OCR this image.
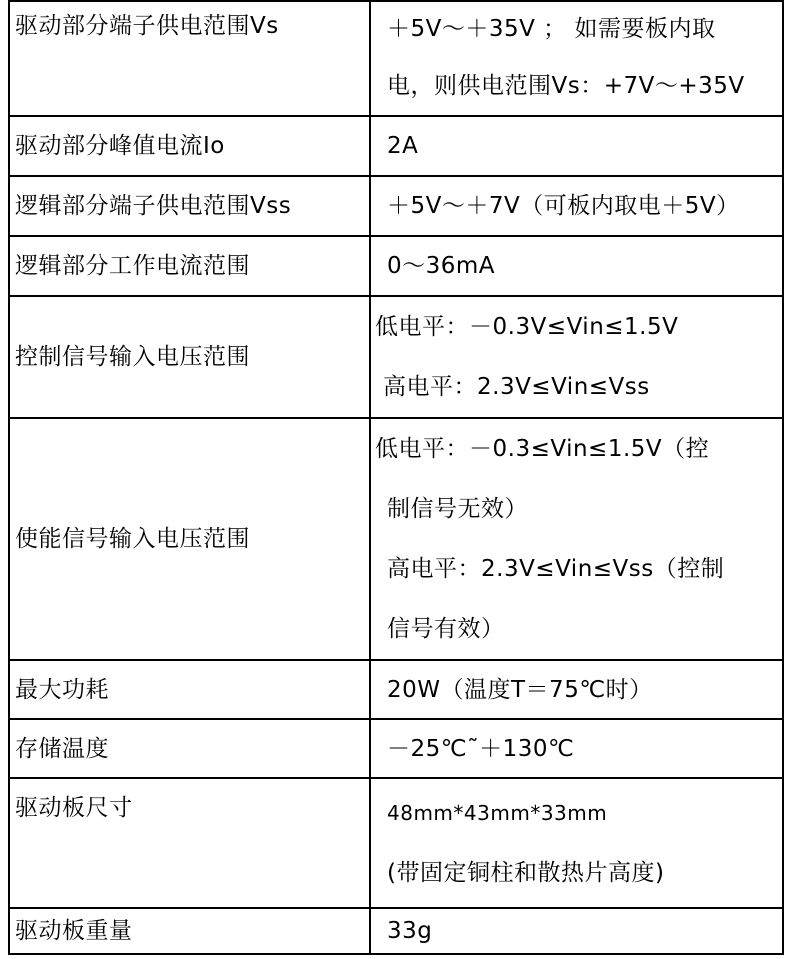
驱动部分端子供电范围Vs	＋5V～＋35V ； 如需要板内取
电，则供电范围Vs：+7V～+35V

驱动部分峰值电流Io	2A
逻辑部分端子供电范围Vss	＋5V～＋7V（可板内取电＋5V）
逻辑部分工作电流范围	0～36mA
控制信号输入电压范围	低电平：－0.3V≤Vin≤1.5V
高电平：2.3V≤Vin≤Vss

使能信号输入电压范围	低电平：－0.3≤Vin≤1.5V（控
制信号无效）
高电平：2.3V≤Vin≤Vss（控制
信号有效）

最大功耗	20W（温度T＝75℃时）
存储温度	－25℃˜＋130℃
驱动板尺寸	48mm*43mm*33mm
(带固定铜柱和散热片高度)

驱动板重量	33g
